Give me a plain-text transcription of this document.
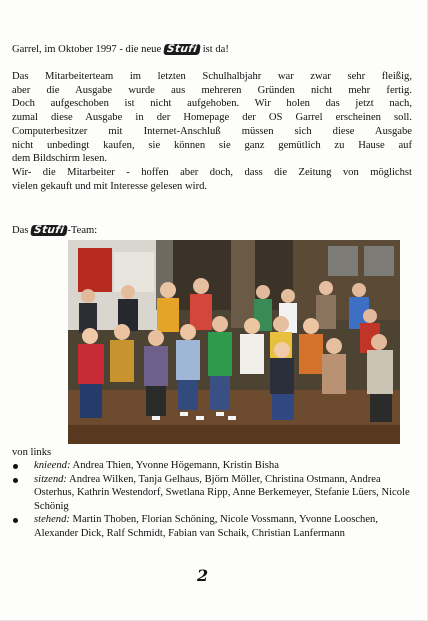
Garrel, im Oktober 1997 - die neue Stufi ist da!

Das Mitarbeiterteam im letzten Schulhalbjahr war zwar sehr fleißig,
aber die Ausgabe wurde aus mehreren Gründen nicht mehr fertig.
Doch aufgeschoben ist nicht aufgehoben. Wir holen das jetzt nach,
zumal diese Ausgabe in der Homepage der OS Garrel erscheinen soll.
Computerbesitzer mit Internet-Anschluß müssen sich diese Ausgabe
nicht unbedingt kaufen, sie können sie ganz gemütlich zu Hause auf
dem Bildschirm lesen.
Wir- die Mitarbeiter - hoffen aber doch, dass die Zeitung von möglichst
vielen gekauft und mit Interesse gelesen wird.

Das Stufi -Team:
von links
knieend: Andrea Thien, Yvonne Högemann, Kristin Bisha
sitzend: Andrea Wilken, Tanja Gelhaus, Björn Möller, Christina Ostmann, Andrea Osterhus, Kathrin Westendorf, Swetlana Ripp, Anne Berkemeyer, Stefanie Lüers, Nicole Schönig
stehend: Martin Thoben, Florian Schöning, Nicole Vossmann, Yvonne Looschen, Alexander Dick, Ralf Schmidt, Fabian van Schaik, Christian Lanfermann
2
